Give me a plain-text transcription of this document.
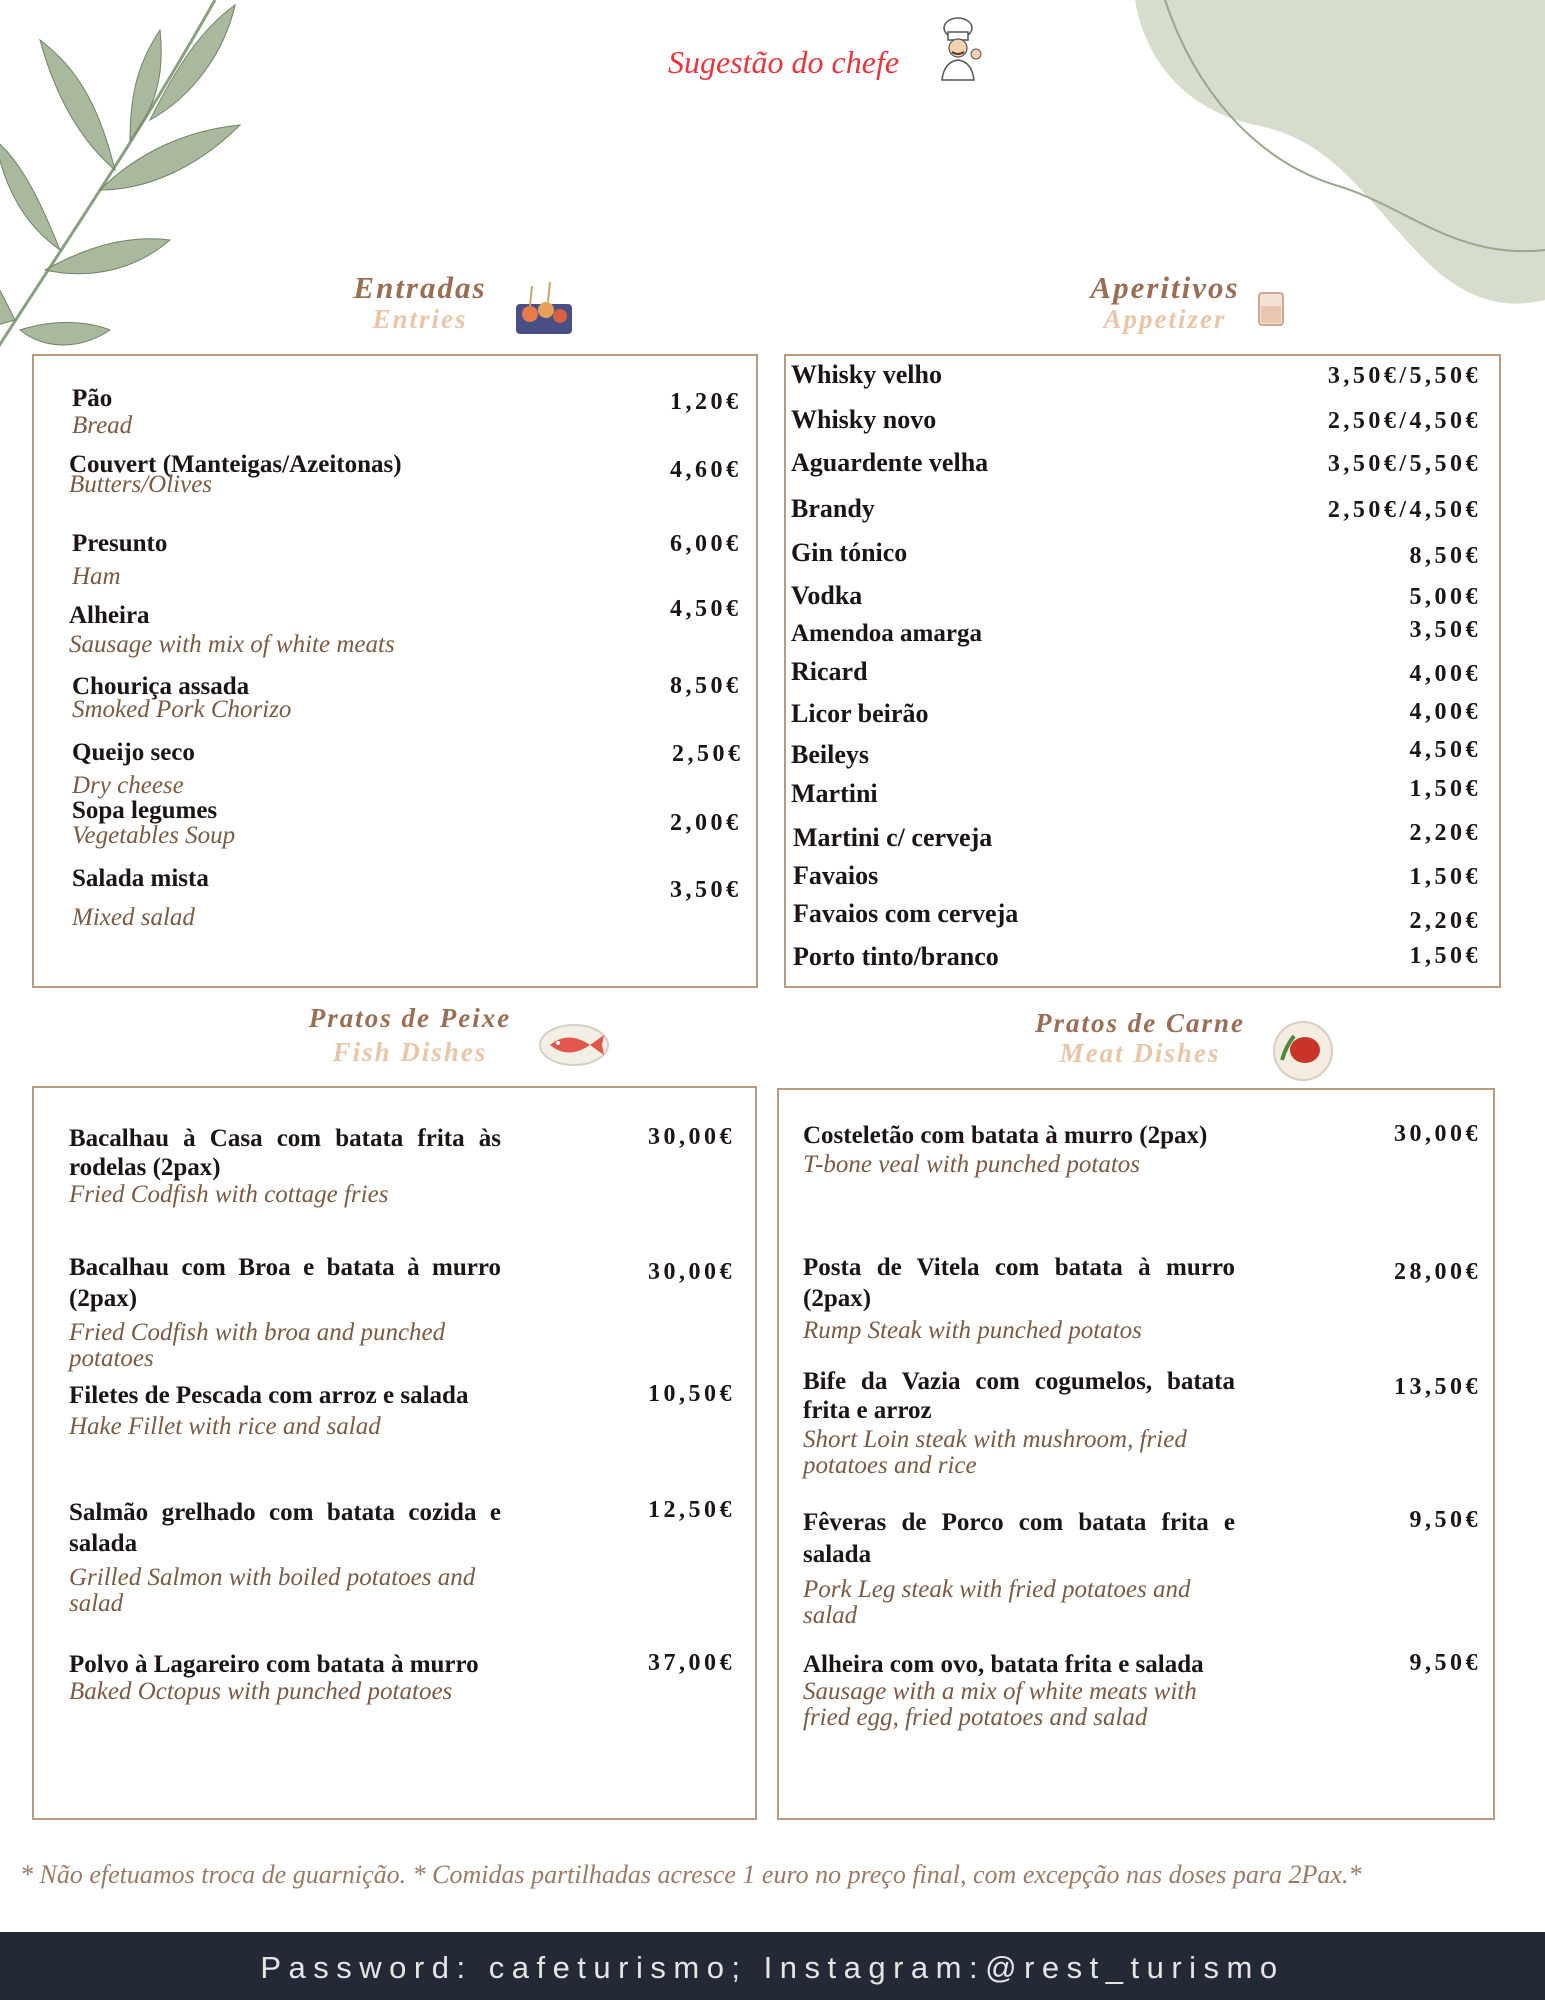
Sugestão do chefe
Entradas
Entries
Aperitivos
Appetizer
Pratos de Peixe
Fish Dishes
Pratos de Carne
Meat Dishes
Pão
Bread
1,20€
Couvert (Manteigas/Azeitonas)
Butters/Olives
4,60€
Presunto
Ham
6,00€
Alheira
Sausage with mix of white meats
4,50€
Chouriça assada
Smoked Pork Chorizo
8,50€
Queijo seco
Dry cheese
2,50€
Sopa legumes
Vegetables Soup	2,00€
Salada mista
Mixed salad
3,50€
Whisky velho	3,50€/5,50€
Whisky novo	2,50€/4,50€
Aguardente velha	3,50€/5,50€
Brandy	2,50€/4,50€
Gin tónico	8,50€
Vodka	5,00€
Amendoa amarga	3,50€
Ricard	4,00€
Licor beirão	4,00€
Beileys	4,50€
Martini	1,50€
Martini c/ cerveja	2,20€
Favaios	1,50€
Favaios com cerveja	2,20€
Porto tinto/branco	1,50€
Bacalhau à Casa com batata frita às rodelas (2pax)
Fried Codfish with cottage fries
30,00€
Bacalhau com Broa e batata à murro (2pax)
Fried Codfish with broa and punched potatoes
30,00€
Filetes de Pescada com arroz e salada
Hake Fillet with rice and salad
10,50€
Salmão grelhado com batata cozida e salada
Grilled Salmon with boiled potatoes and salad
12,50€
Polvo à Lagareiro com batata à murro
Baked Octopus with punched potatoes
37,00€
Costeletão com batata à murro (2pax)
T-bone veal with punched potatos
30,00€
Posta de Vitela com batata à murro (2pax)
Rump Steak with punched potatos
28,00€
Bife da Vazia com cogumelos, batata frita e arroz
Short Loin steak with mushroom, fried potatoes and rice
13,50€
Fêveras de Porco com batata frita e salada
Pork Leg steak with fried potatoes and salad
9,50€
Alheira com ovo, batata frita e salada
Sausage with a mix of white meats with fried egg, fried potatoes and salad
9,50€
* Não efetuamos troca de guarnição. * Comidas partilhadas acresce 1 euro no preço final, com excepção nas doses para 2Pax.*
Password: cafeturismo; Instagram:@rest_turismo
